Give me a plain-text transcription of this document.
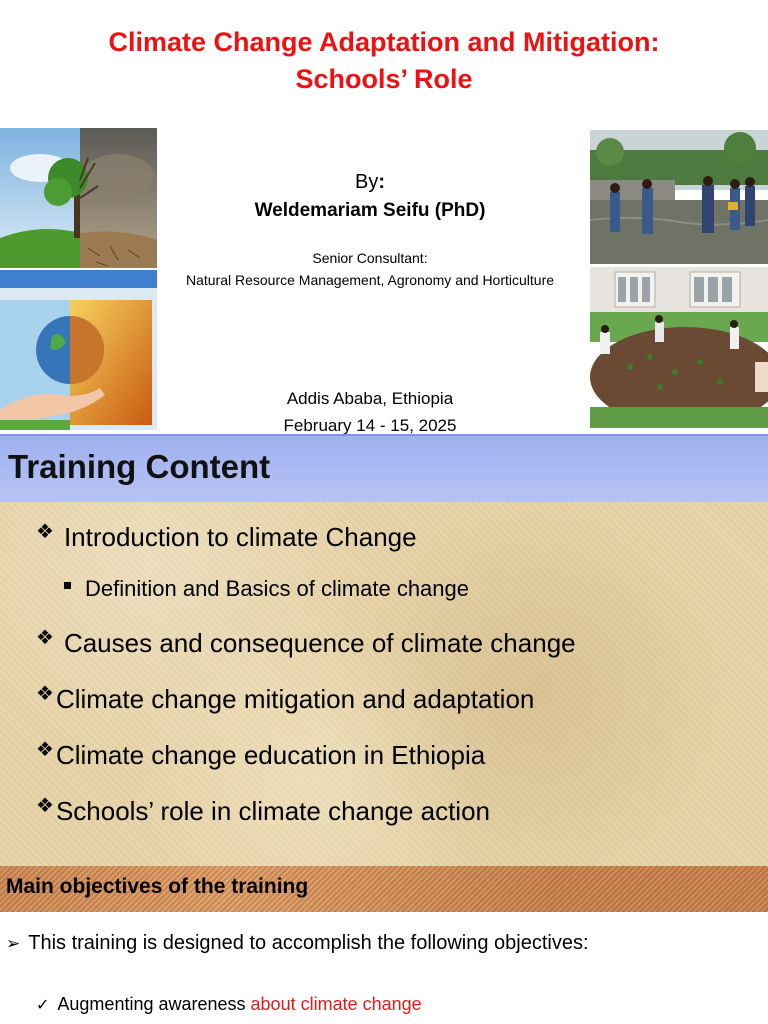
Climate Change Adaptation and Mitigation:
Schools’ Role
By:
Weldemariam Seifu (PhD)
Senior Consultant:
Natural Resource Management, Agronomy and Horticulture
Addis Ababa, Ethiopia
February 14 - 15, 2025
Training Content
❖ Introduction to climate Change
Definition and Basics of climate change
❖ Causes and consequence of climate change
❖ Climate change mitigation and adaptation
❖ Climate change education in Ethiopia
❖ Schools’ role in climate change action
Main objectives of the training
➢ This training is designed to accomplish the following objectives:
✓ Augmenting awareness about climate change
